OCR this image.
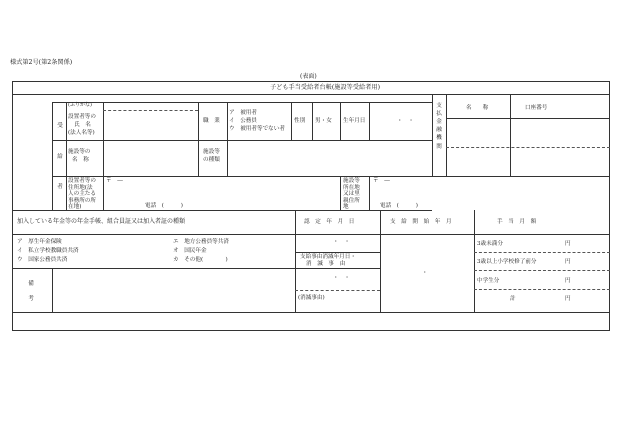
様式第2号(第2条関係)
(表面)
子ども手当受給者台帳(施設等受給者用)
受
給
者
(ふりがな)
設置者等の
氏　名
(法人名等)
職　業
ア　被用者
イ　公務員
ウ　被用者等でない者
性別 男・女 生年月日	・　・
施設等の
名　称
施設等
の種類
設置者等の
住所地(法
人の主たる
事務所の所
在地)
〒　―
電話　(　　　)
施設等
所在地
又は里
親住所
地
〒　―
電話　(　　　)
支払金融機関
名　　称	口座番号
加入している年金等の年金手帳、組合員証又は加入者証の種類
ア　厚生年金保険	エ　地方公務員等共済
イ　私立学校教職員共済	オ　国民年金
ウ　国家公務員共済	カ　その他(　　　　)
認　定　年　月　日
・　・
支給事由消滅年月日・
消　滅　事　由
・　・
(消滅事由)
支　給　開　始　年　月
・
手　当　月　額
3歳未満分	円
3歳以上小学校修了前分	円
中学生分	円
計	円
備
考
